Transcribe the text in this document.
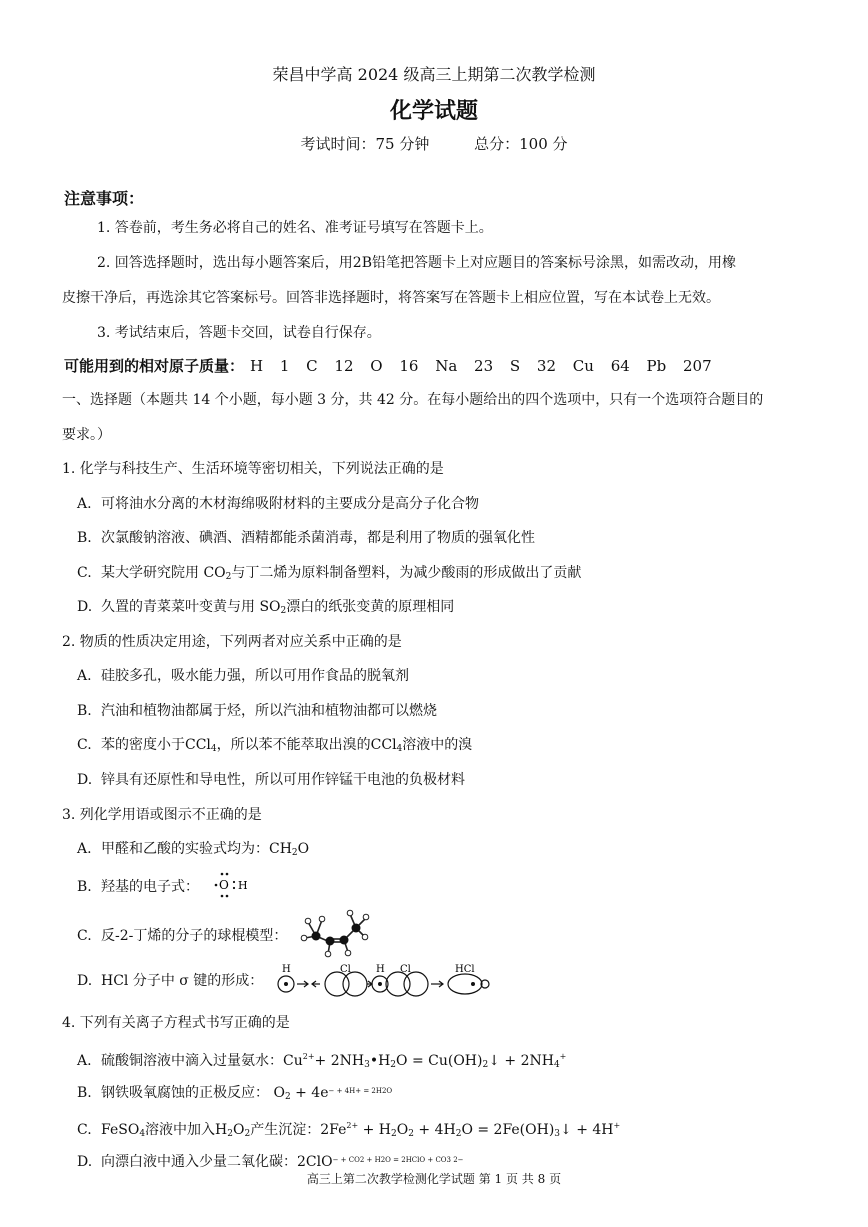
荣昌中学高 2024 级高三上期第二次教学检测
化学试题
考试时间：75 分钟	总分：100 分
注意事项：
1. 答卷前，考生务必将自己的姓名、准考证号填写在答题卡上。
2. 回答选择题时，选出每小题答案后，用2B铅笔把答题卡上对应题目的答案标号涂黑，如需改动，用橡
皮擦干净后，再选涂其它答案标号。回答非选择题时，将答案写在答题卡上相应位置，写在本试卷上无效。
3. 考试结束后，答题卡交回，试卷自行保存。
可能用到的相对原子质量： H 1 C 12 O 16 Na 23 S 32 Cu 64 Pb 207
一、选择题（本题共 14 个小题，每小题 3 分，共 42 分。在每小题给出的四个选项中，只有一个选项符合题目的
要求。）
1. 化学与科技生产、生活环境等密切相关，下列说法正确的是
A. 可将油水分离的木材海绵吸附材料的主要成分是高分子化合物
B. 次氯酸钠溶液、碘酒、酒精都能杀菌消毒，都是利用了物质的强氧化性
C. 某大学研究院用 $CO_2$与丁二烯为原料制备塑料，为减少酸雨的形成做出了贡献
D. 久置的青菜菜叶变黄与用 $SO_2$漂白的纸张变黄的原理相同
2. 物质的性质决定用途，下列两者对应关系中正确的是
A. 硅胶多孔，吸水能力强，所以可用作食品的脱氧剂
B. 汽油和植物油都属于烃，所以汽油和植物油都可以燃烧
C. 苯的密度小于CCl$_4$，所以苯不能萃取出溴的CCl$_4$溶液中的溴
D. 锌具有还原性和导电性，所以可用作锌锰干电池的负极材料
3. 列化学用语或图示不正确的是
A. 甲醛和乙酸的实验式均为：$CH_2O$
B. 羟基的电子式： O H
C. 反-2-丁烯的分子的球棍模型：
D. HCl 分子中 σ 键的形成：
H	Cl	H Cl	HCl
4. 下列有关离子方程式书写正确的是
A. 硫酸铜溶液中滴入过量氨水：$Cu^{2+}+$ $2NH_3•H_2O$ = $Cu(OH)_2↓ + 2NH_4^+$
B. 钢铁吸氧腐蚀的正极反应： $O_2 + 4e^{- + 4H+ = 2H2O}$
C. FeSO$_4$溶液中加入$H_2O_2$产生沉淀：$2Fe^{2+} + H_2O_2 + 4H_2O$ = $2Fe(OH)_3↓ + 4H^+$
D. 向漂白液中通入少量二氧化碳：2ClO$^{- + CO2 + H2O = 2HClO + CO3 2-}$
高三上第二次教学检测化学试题 第 1 页 共 8 页
